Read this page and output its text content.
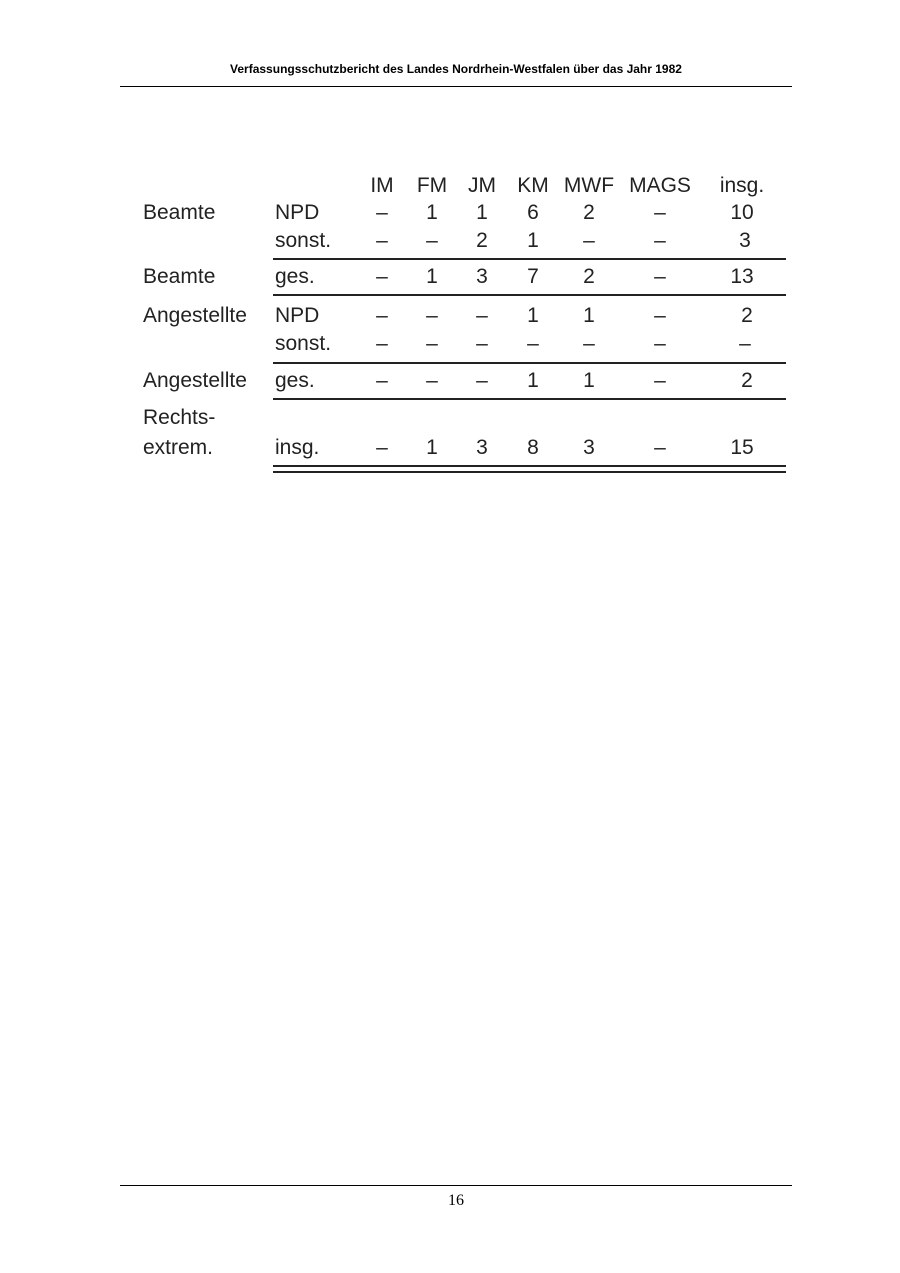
Verfassungsschutzbericht des Landes Nordrhein-Westfalen über das Jahr 1982
IM FM JM KM MWF MAGS insg.
Beamte	NPD	– 1 1 6 2	–	10
sonst. – – 2 1 –	–	3
Beamte	ges.	– 1 3 7 2	–	13
Angestellte NPD	– – – 1 1	–	2
sonst. – – – – –	–	–
Angestellte ges.	– – – 1 1	–	2
Rechts-
extrem.	insg.	– 1 3 8 3	–	15
16
